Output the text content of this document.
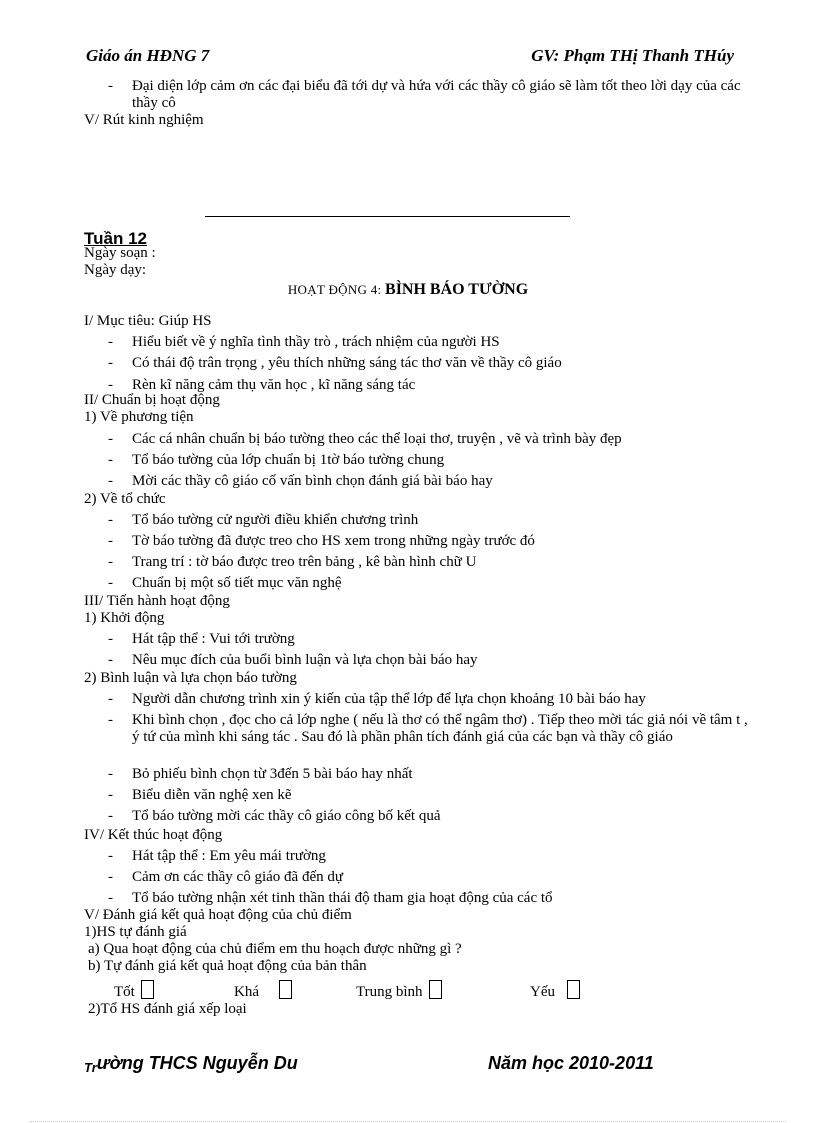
Giáo án HĐNG 7	GV: Phạm THị Thanh THúy
- Đại diện lớp cảm ơn các đại biểu đã tới dự và hứa với các thầy cô giáo sẽ làm tốt theo lời dạy của các thầy cô
V/ Rút kinh nghiệm
Tuần 12
Ngày soạn :
Ngày dạy:
HOẠT ĐỘNG 4: BÌNH BÁO TƯỜNG
I/ Mục tiêu: Giúp HS
II/ Chuẩn bị hoạt động
1) Về phương tiện
2) Về tổ chức
III/ Tiến hành hoạt động
1) Khởi động
2) Bình luận và lựa chọn báo tường
IV/ Kết thúc hoạt động
V/ Đánh giá kết quả hoạt động của chủ điểm
1)HS tự đánh giá
a) Qua hoạt động của chủ điểm em thu hoạch được những gì ?
b) Tự đánh giá kết quả hoạt động của bản thân
Tốt	Khá	Trung bình	Yếu
2)Tổ HS đánh giá xếp loại
Trường THCS Nguyễn Du	Năm học 2010-2011
- Hiểu biết về ý nghĩa tình thầy trò , trách nhiệm của người HS
- Có thái độ trân trọng , yêu thích những sáng tác thơ văn về thầy cô giáo
- Rèn kĩ năng cảm thụ văn học , kĩ năng sáng tác
- Các cá nhân chuẩn bị báo tường theo các thể loại thơ, truyện , vẽ và trình bày đẹp
- Tổ báo tường của lớp chuẩn bị 1tờ báo tường chung
- Mời các thầy cô giáo cố vấn bình chọn đánh giá bài báo hay
- Tổ báo tường cử người điều khiển chương trình
- Tờ báo tường đã được treo cho HS xem trong những ngày trước đó
- Trang trí : tờ báo được treo trên bảng , kê bàn hình chữ U
- Chuẩn bị một số tiết mục văn nghệ
- Hát tập thể : Vui tới trường
- Nêu mục đích của buổi bình luận và lựa chọn bài báo hay
- Người dẫn chương trình xin ý kiến của tập thể lớp để lựa chọn khoảng 10 bài báo hay
- Khi bình chọn , đọc cho cả lớp nghe ( nếu là thơ có thể ngâm thơ) . Tiếp theo mời tác giả nói về tâm t , ý tứ của mình khi sáng tác . Sau đó là phần phân tích đánh giá của các bạn và thầy cô giáo
- Bỏ phiếu bình chọn từ 3đến 5 bài báo hay nhất
- Biểu diễn văn nghệ xen kẽ
- Tổ báo tường mời các thầy cô giáo công bố kết quả
- Hát tập thể : Em yêu mái trường
- Cảm ơn các thầy cô giáo đã đến dự
- Tổ báo tường nhận xét tinh thần thái độ tham gia hoạt động của các tổ
